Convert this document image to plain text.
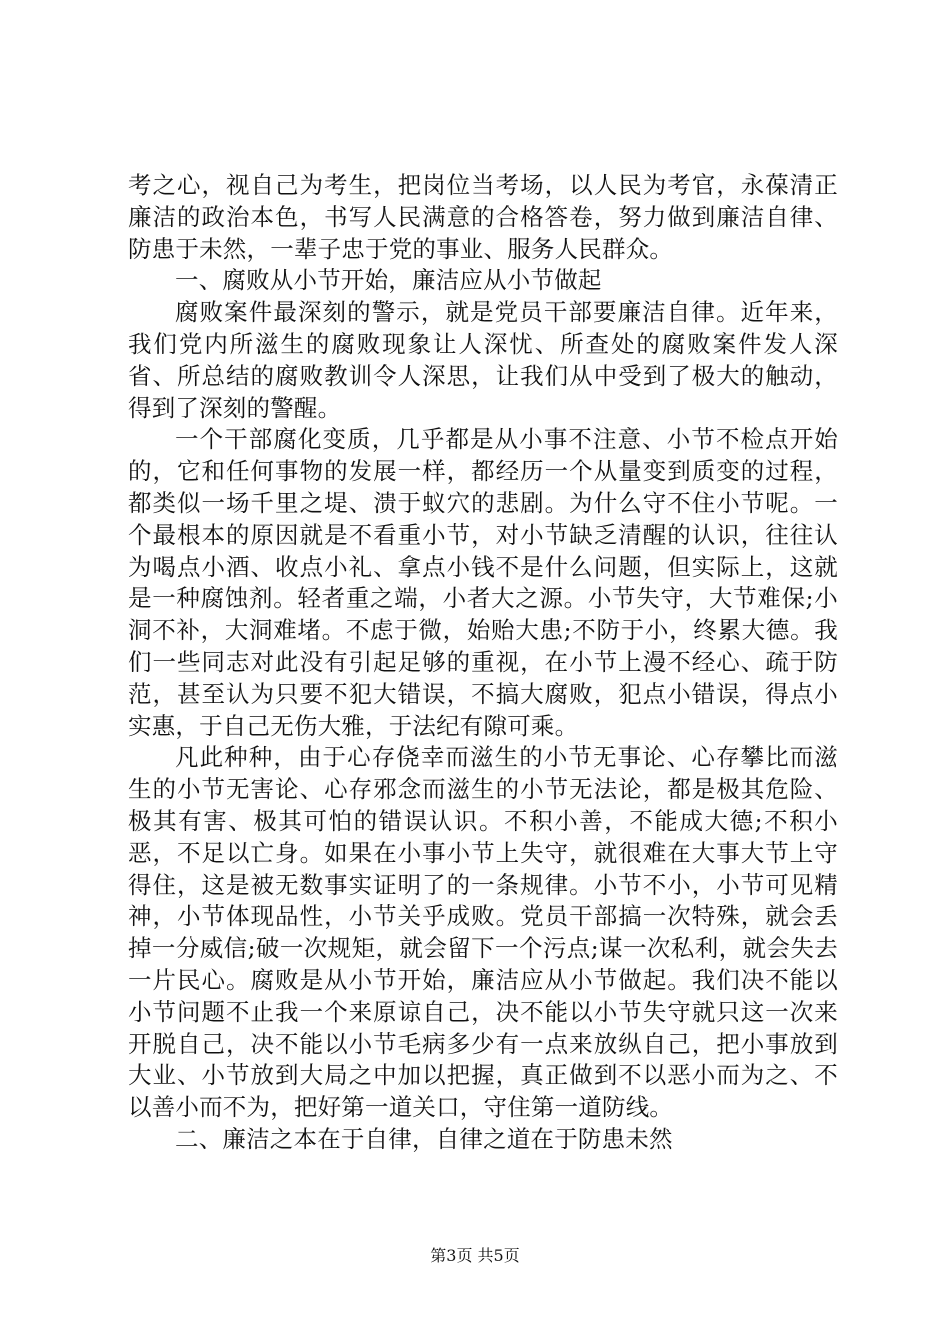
考之心，视自己为考生，把岗位当考场，以人民为考官，永葆清正廉洁的政治本色，书写人民满意的合格答卷，努力做到廉洁自律、防患于未然，一辈子忠于党的事业、服务人民群众。

一、腐败从小节开始，廉洁应从小节做起

腐败案件最深刻的警示，就是党员干部要廉洁自律。近年来，我们党内所滋生的腐败现象让人深忧、所查处的腐败案件发人深省、所总结的腐败教训令人深思，让我们从中受到了极大的触动，得到了深刻的警醒。

一个干部腐化变质，几乎都是从小事不注意、小节不检点开始的，它和任何事物的发展一样，都经历一个从量变到质变的过程，都类似一场千里之堤、溃于蚁穴的悲剧。为什么守不住小节呢。一个最根本的原因就是不看重小节，对小节缺乏清醒的认识，往往认为喝点小酒、收点小礼、拿点小钱不是什么问题，但实际上，这就是一种腐蚀剂。轻者重之端，小者大之源。小节失守，大节难保;小洞不补，大洞难堵。不虑于微，始贻大患;不防于小，终累大德。我们一些同志对此没有引起足够的重视，在小节上漫不经心、疏于防范，甚至认为只要不犯大错误，不搞大腐败，犯点小错误，得点小实惠，于自己无伤大雅，于法纪有隙可乘。

凡此种种，由于心存侥幸而滋生的小节无事论、心存攀比而滋生的小节无害论、心存邪念而滋生的小节无法论，都是极其危险、极其有害、极其可怕的错误认识。不积小善，不能成大德;不积小恶，不足以亡身。如果在小事小节上失守，就很难在大事大节上守得住，这是被无数事实证明了的一条规律。小节不小，小节可见精神，小节体现品性，小节关乎成败。党员干部搞一次特殊，就会丢掉一分威信;破一次规矩，就会留下一个污点;谋一次私利，就会失去一片民心。腐败是从小节开始，廉洁应从小节做起。我们决不能以小节问题不止我一个来原谅自己，决不能以小节失守就只这一次来开脱自己，决不能以小节毛病多少有一点来放纵自己，把小事放到大业、小节放到大局之中加以把握，真正做到不以恶小而为之、不以善小而不为，把好第一道关口，守住第一道防线。

二、廉洁之本在于自律，自律之道在于防患未然

第3页 共5页
